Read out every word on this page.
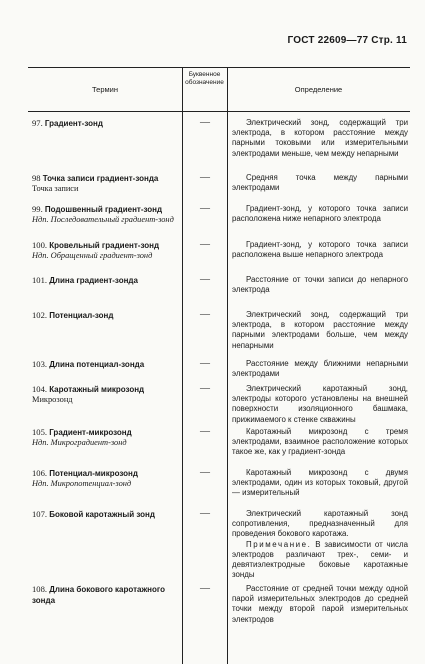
ГОСТ 22609—77 Стр. 11
Термин
Буквенное обозначение
Определение
97. Градиент-зонд	—	Электрический зонд, содержащий три электрода, в котором расстояние между парными токовыми или измерительными электродами меньше, чем между непарными
98 Точка записи градиент-зонда
Точка записи
—	Средняя точка между парными электродами
99. Подошвенный градиент-зонд
Ндп. Последовательный градиент-зонд
—	Градиент-зонд, у которого точка записи расположена ниже непарного электрода
100. Кровельный градиент-зонд
Ндп. Обращенный градиент-зонд
—	Градиент-зонд, у которого точка записи расположена выше непарного электрода
101. Длина градиент-зонда	—	Расстояние от точки записи до непарного электрода
102. Потенциал-зонд	—	Электрический зонд, содержащий три электрода, в котором расстояние между парными электродами больше, чем между непарными
103. Длина потенциал-зонда	—	Расстояние между ближними непарными электродами
104. Каротажный микрозонд
Микрозонд
—	Электрический каротажный зонд, электроды которого установлены на внешней поверхности изоляционного башмака, прижимаемого к стенке скважины
105. Градиент-микрозонд
Ндп. Микроградиент-зонд
—	Каротажный микрозонд с тремя электродами, взаимное расположение которых такое же, как у градиент-зонда
106. Потенциал-микрозонд
Ндп. Микропотенциал-зонд
—	Каротажный микрозонд с двумя электродами, один из которых токовый, другой — измерительный
107. Боковой каротажный зонд	—	Электрический каротажный зонд сопротивления, предназначенный для проведения бокового каротажа.
Примечание. В зависимости от числа электродов различают трех-, семи- и девятиэлектродные боковые каротажные зонды
108. Длина бокового каротажного зонда
—	Расстояние от средней точки между одной парой измерительных электродов до средней точки между второй парой измерительных электродов
